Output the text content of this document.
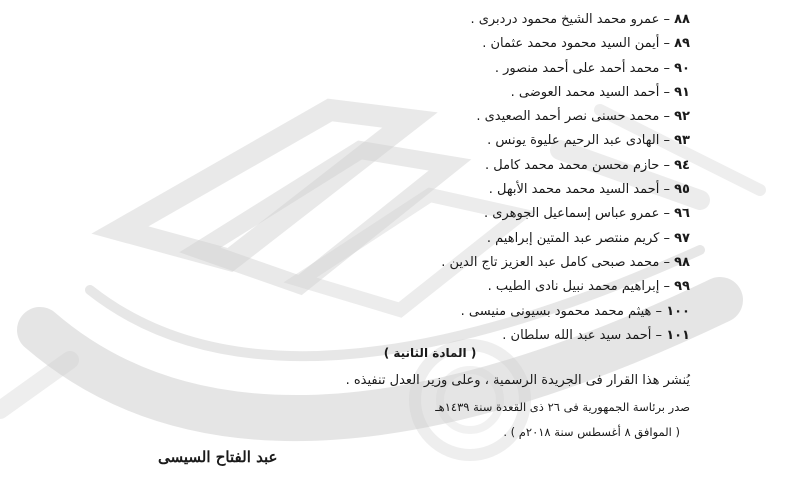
٨٨ – عمرو محمد الشيخ محمود دردبرى .
٨٩ – أيمن السيد محمود محمد عثمان .
٩٠ – محمد أحمد على أحمد منصور .
٩١ – أحمد السيد محمد العوضى .
٩٢ – محمد حسنى نصر أحمد الصعيدى .
٩٣ – الهادى عبد الرحيم عليوة يونس .
٩٤ – حازم محسن محمد محمد كامل .
٩٥ – أحمد السيد محمد محمد الأبهل .
٩٦ – عمرو عباس إسماعيل الجوهرى .
٩٧ – كريم منتصر عبد المتين إبراهيم .
٩٨ – محمد صبحى كامل عبد العزيز تاج الدين .
٩٩ – إبراهيم محمد نبيل نادى الطيب .
١٠٠ – هيثم محمد محمود بسيونى منيسى .
١٠١ – أحمد سيد عبد الله سلطان .
( المادة الثانية )
يُنشر هذا القرار فى الجريدة الرسمية ، وعلى وزير العدل تنفيذه .
صدر برئاسة الجمهورية فى ٢٦ ذى القعدة سنة ١٤٣٩هـ
( الموافق ٨ أغسطس سنة ٢٠١٨م ) .
عبد الفتاح السيسى
